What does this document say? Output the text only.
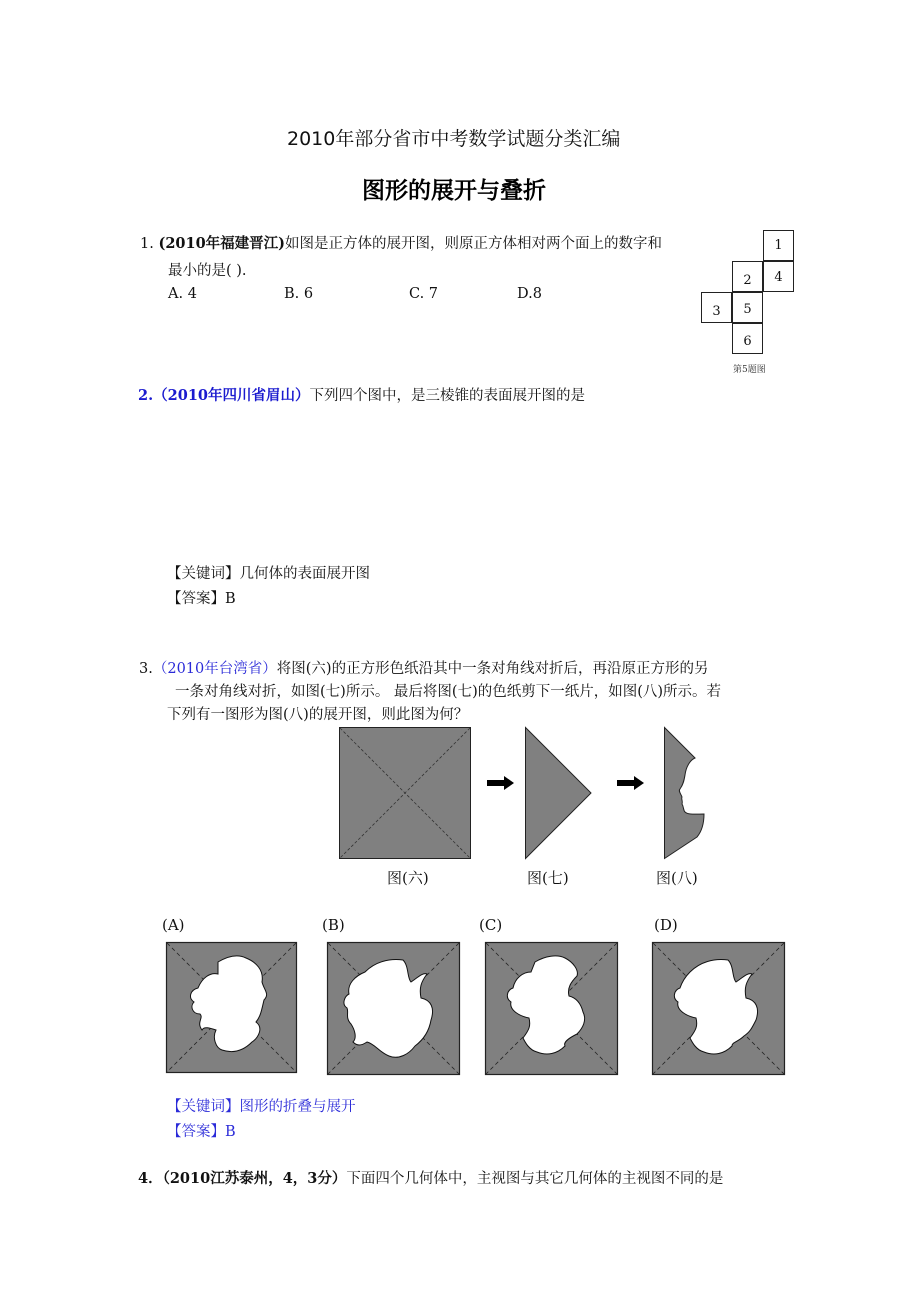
2010年部分省市中考数学试题分类汇编
图形的展开与叠折
1. (2010年福建晋江)如图是正方体的展开图，则原正方体相对两个面上的数字和
最小的是( ).
A. 4	B. 6	C. 7	D.8
1
4
2
3	5
6
第5题图
2.（2010年四川省眉山）下列四个图中，是三棱锥的表面展开图的是
【关键词】几何体的表面展开图
【答案】B
3.（2010年台湾省）将图(六)的正方形色纸沿其中一条对角线对折后，再沿原正方形的另
一条对角线对折，如图(七)所示。 最后将图(七)的色纸剪下一纸片，如图(八)所示。若
下列有一图形为图(八)的展开图，则此图为何？
图(六)	图(七)	图(八)
(A)	(B)	(C)	(D)
【关键词】图形的折叠与展开
【答案】B
4．（2010江苏泰州，4，3分）下面四个几何体中，主视图与其它几何体的主视图不同的是
